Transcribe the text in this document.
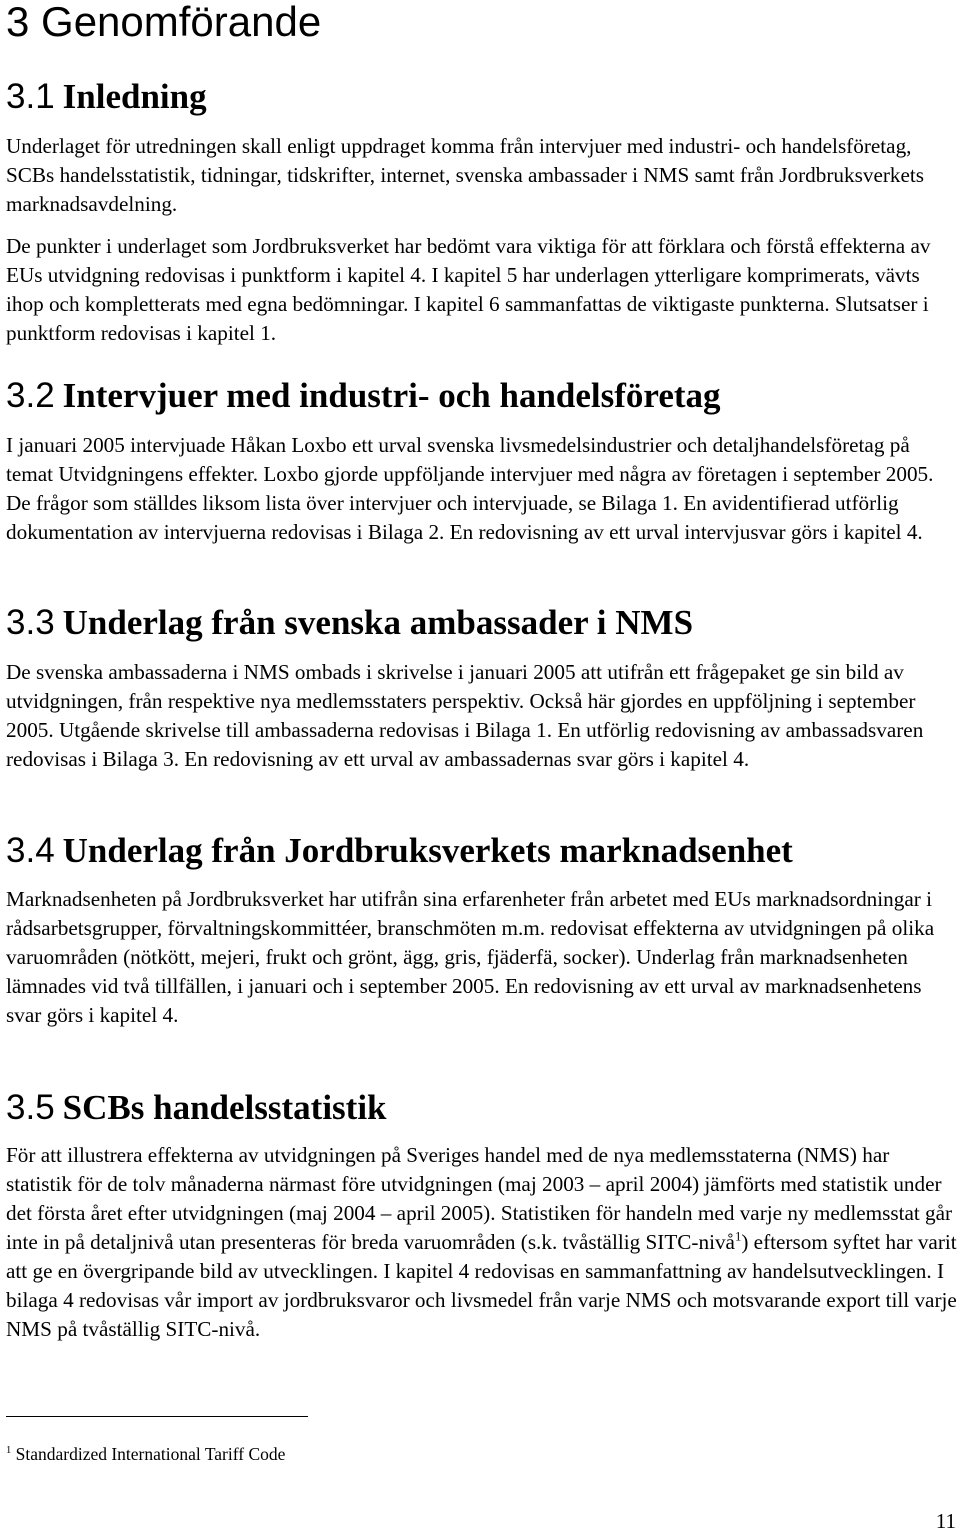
3 Genomförande
3.1 Inledning

Underlaget för utredningen skall enligt uppdraget komma från intervjuer med industri- och handelsföretag, SCBs handelsstatistik, tidningar, tidskrifter, internet, svenska ambassader i NMS samt från Jordbruksverkets marknadsavdelning.

De punkter i underlaget som Jordbruksverket har bedömt vara viktiga för att förklara och förstå effekterna av EUs utvidgning redovisas i punktform i kapitel 4. I kapitel 5 har underlagen ytterligare komprimerats, vävts ihop och kompletterats med egna bedömningar. I kapitel 6 sammanfattas de viktigaste punkterna. Slutsatser i punktform redovisas i kapitel 1.

3.2 Intervjuer med industri- och handelsföretag

I januari 2005 intervjuade Håkan Loxbo ett urval svenska livsmedelsindustrier och detaljhandelsföretag på temat Utvidgningens effekter. Loxbo gjorde uppföljande intervjuer med några av företagen i september 2005. De frågor som ställdes liksom lista över intervjuer och intervjuade, se Bilaga 1. En avidentifierad utförlig dokumentation av intervjuerna redovisas i Bilaga 2. En redovisning av ett urval intervjusvar görs i kapitel 4.

3.3 Underlag från svenska ambassader i NMS

De svenska ambassaderna i NMS ombads i skrivelse i januari 2005 att utifrån ett frågepaket ge sin bild av utvidgningen, från respektive nya medlemsstaters perspektiv. Också här gjordes en uppföljning i september 2005. Utgående skrivelse till ambassaderna redovisas i Bilaga 1. En utförlig redovisning av ambassadsvaren redovisas i Bilaga 3. En redovisning av ett urval av ambassadernas svar görs i kapitel 4.

3.4 Underlag från Jordbruksverkets marknadsenhet

Marknadsenheten på Jordbruksverket har utifrån sina erfarenheter från arbetet med EUs marknadsordningar i rådsarbetsgrupper, förvaltningskommittéer, branschmöten m.m. redovisat effekterna av utvidgningen på olika varuområden (nötkött, mejeri, frukt och grönt, ägg, gris, fjäderfä, socker). Underlag från marknadsenheten lämnades vid två tillfällen, i januari och i september 2005. En redovisning av ett urval av marknadsenhetens svar görs i kapitel 4.

3.5 SCBs handelsstatistik

För att illustrera effekterna av utvidgningen på Sveriges handel med de nya medlemsstaterna (NMS) har statistik för de tolv månaderna närmast före utvidgningen (maj 2003 – april 2004) jämförts med statistik under det första året efter utvidgningen (maj 2004 – april 2005). Statistiken för handeln med varje ny medlemsstat går inte in på detaljnivå utan presenteras för breda varuområden (s.k. tvåställig SITC-nivå$^1$) eftersom syftet har varit att ge en övergripande bild av utvecklingen. I kapitel 4 redovisas en sammanfattning av handelsutvecklingen. I bilaga 4 redovisas vår import av jordbruksvaror och livsmedel från varje NMS och motsvarande export till varje NMS på tvåställig SITC-nivå.

$^1$ Standardized International Tariff Code

11
